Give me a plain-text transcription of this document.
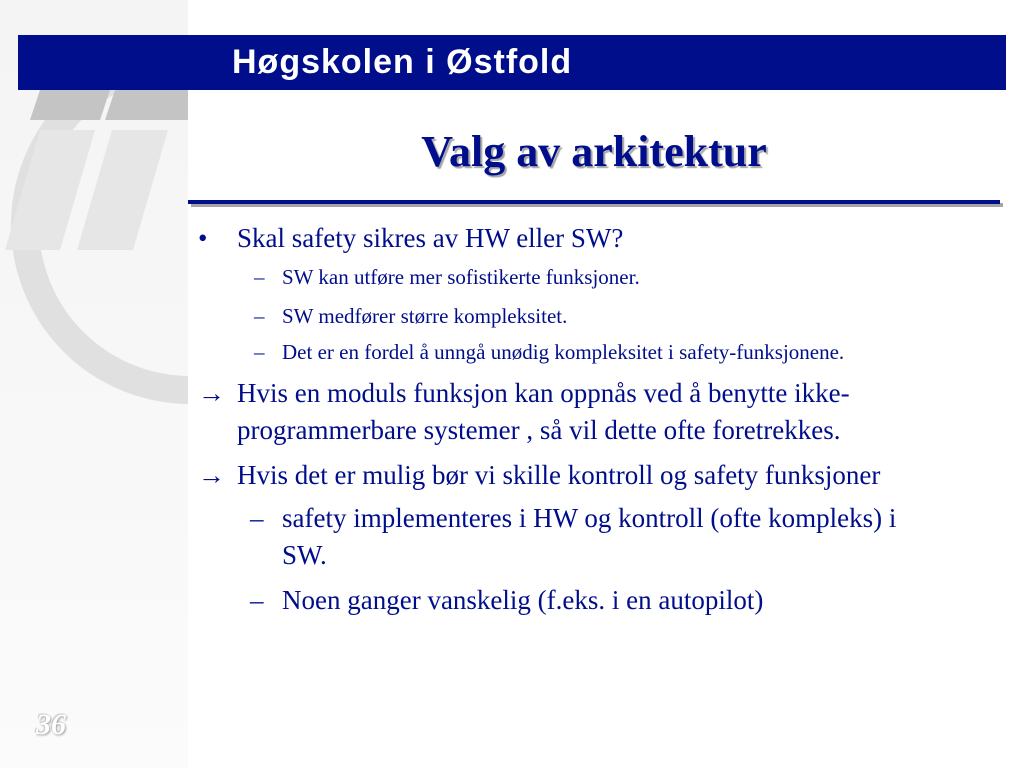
Høgskolen i Østfold
Valg av arkitektur
• Skal safety sikres av HW eller SW?
– SW kan utføre mer sofistikerte funksjoner.
– SW medfører større kompleksitet.
– Det er en fordel å unngå unødig kompleksitet i safety-funksjonene.
→ Hvis en moduls funksjon kan oppnås ved å benytte ikke-programmerbare systemer , så vil dette ofte foretrekkes.
→ Hvis det er mulig bør vi skille kontroll og safety funksjoner
– safety implementeres i HW og kontroll (ofte kompleks) i SW.
– Noen ganger vanskelig (f.eks. i en autopilot)
36
